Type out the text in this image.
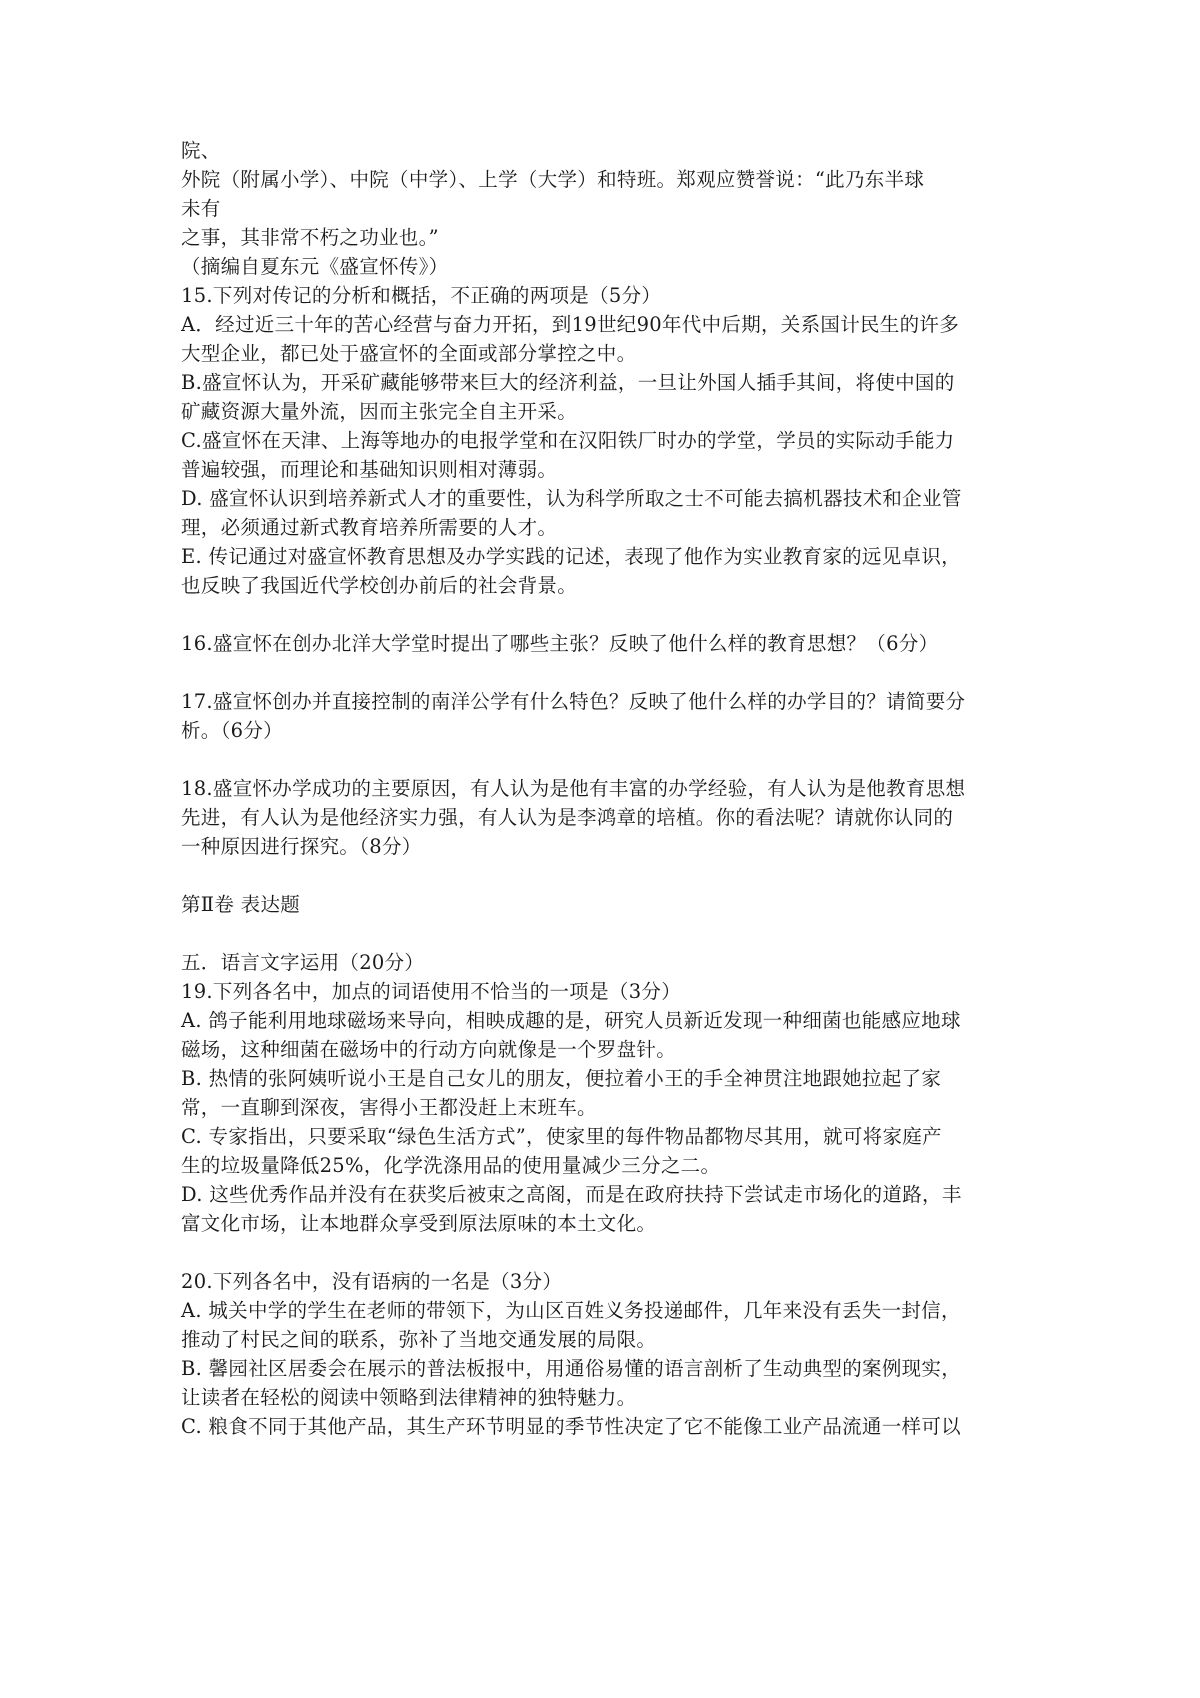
院、
外院（附属小学）、中院（中学）、上学（大学）和特班。郑观应赞誉说：“此乃东半球
未有
之事，其非常不朽之功业也。”
（摘编自夏东元《盛宣怀传》）
15.下列对传记的分析和概括，不正确的两项是（5分）
A．经过近三十年的苦心经营与奋力开拓，到19世纪90年代中后期，关系国计民生的许多
大型企业，都已处于盛宣怀的全面或部分掌控之中。
B.盛宣怀认为，开采矿藏能够带来巨大的经济利益，一旦让外国人插手其间，将使中国的
矿藏资源大量外流，因而主张完全自主开采。
C.盛宣怀在天津、上海等地办的电报学堂和在汉阳铁厂时办的学堂，学员的实际动手能力
普遍较强，而理论和基础知识则相对薄弱。
D. 盛宣怀认识到培养新式人才的重要性，认为科学所取之士不可能去搞机器技术和企业管
理，必须通过新式教育培养所需要的人才。
E. 传记通过对盛宣怀教育思想及办学实践的记述，表现了他作为实业教育家的远见卓识，
也反映了我国近代学校创办前后的社会背景。
16.盛宣怀在创办北洋大学堂时提出了哪些主张？反映了他什么样的教育思想？（6分）
17.盛宣怀创办并直接控制的南洋公学有什么特色？反映了他什么样的办学目的？请简要分
析。（6分）
18.盛宣怀办学成功的主要原因，有人认为是他有丰富的办学经验，有人认为是他教育思想
先进，有人认为是他经济实力强，有人认为是李鸿章的培植。你的看法呢？请就你认同的
一种原因进行探究。（8分）
第Ⅱ卷 表达题
五．语言文字运用（20分）
19.下列各名中，加点的词语使用不恰当的一项是（3分）
A. 鸽子能利用地球磁场来导向，相映成趣的是，研究人员新近发现一种细菌也能感应地球
磁场，这种细菌在磁场中的行动方向就像是一个罗盘针。
B. 热情的张阿姨听说小王是自己女儿的朋友，便拉着小王的手全神贯注地跟她拉起了家
常，一直聊到深夜，害得小王都没赶上末班车。
C. 专家指出，只要采取“绿色生活方式”，使家里的每件物品都物尽其用，就可将家庭产
生的垃圾量降低25%，化学洗涤用品的使用量减少三分之二。
D. 这些优秀作品并没有在获奖后被束之高阁，而是在政府扶持下尝试走市场化的道路，丰
富文化市场，让本地群众享受到原法原味的本土文化。
20.下列各名中，没有语病的一名是（3分）
A. 城关中学的学生在老师的带领下，为山区百姓义务投递邮件，几年来没有丢失一封信，
推动了村民之间的联系，弥补了当地交通发展的局限。
B. 馨园社区居委会在展示的普法板报中，用通俗易懂的语言剖析了生动典型的案例现实，
让读者在轻松的阅读中领略到法律精神的独特魅力。
C. 粮食不同于其他产品，其生产环节明显的季节性决定了它不能像工业产品流通一样可以
